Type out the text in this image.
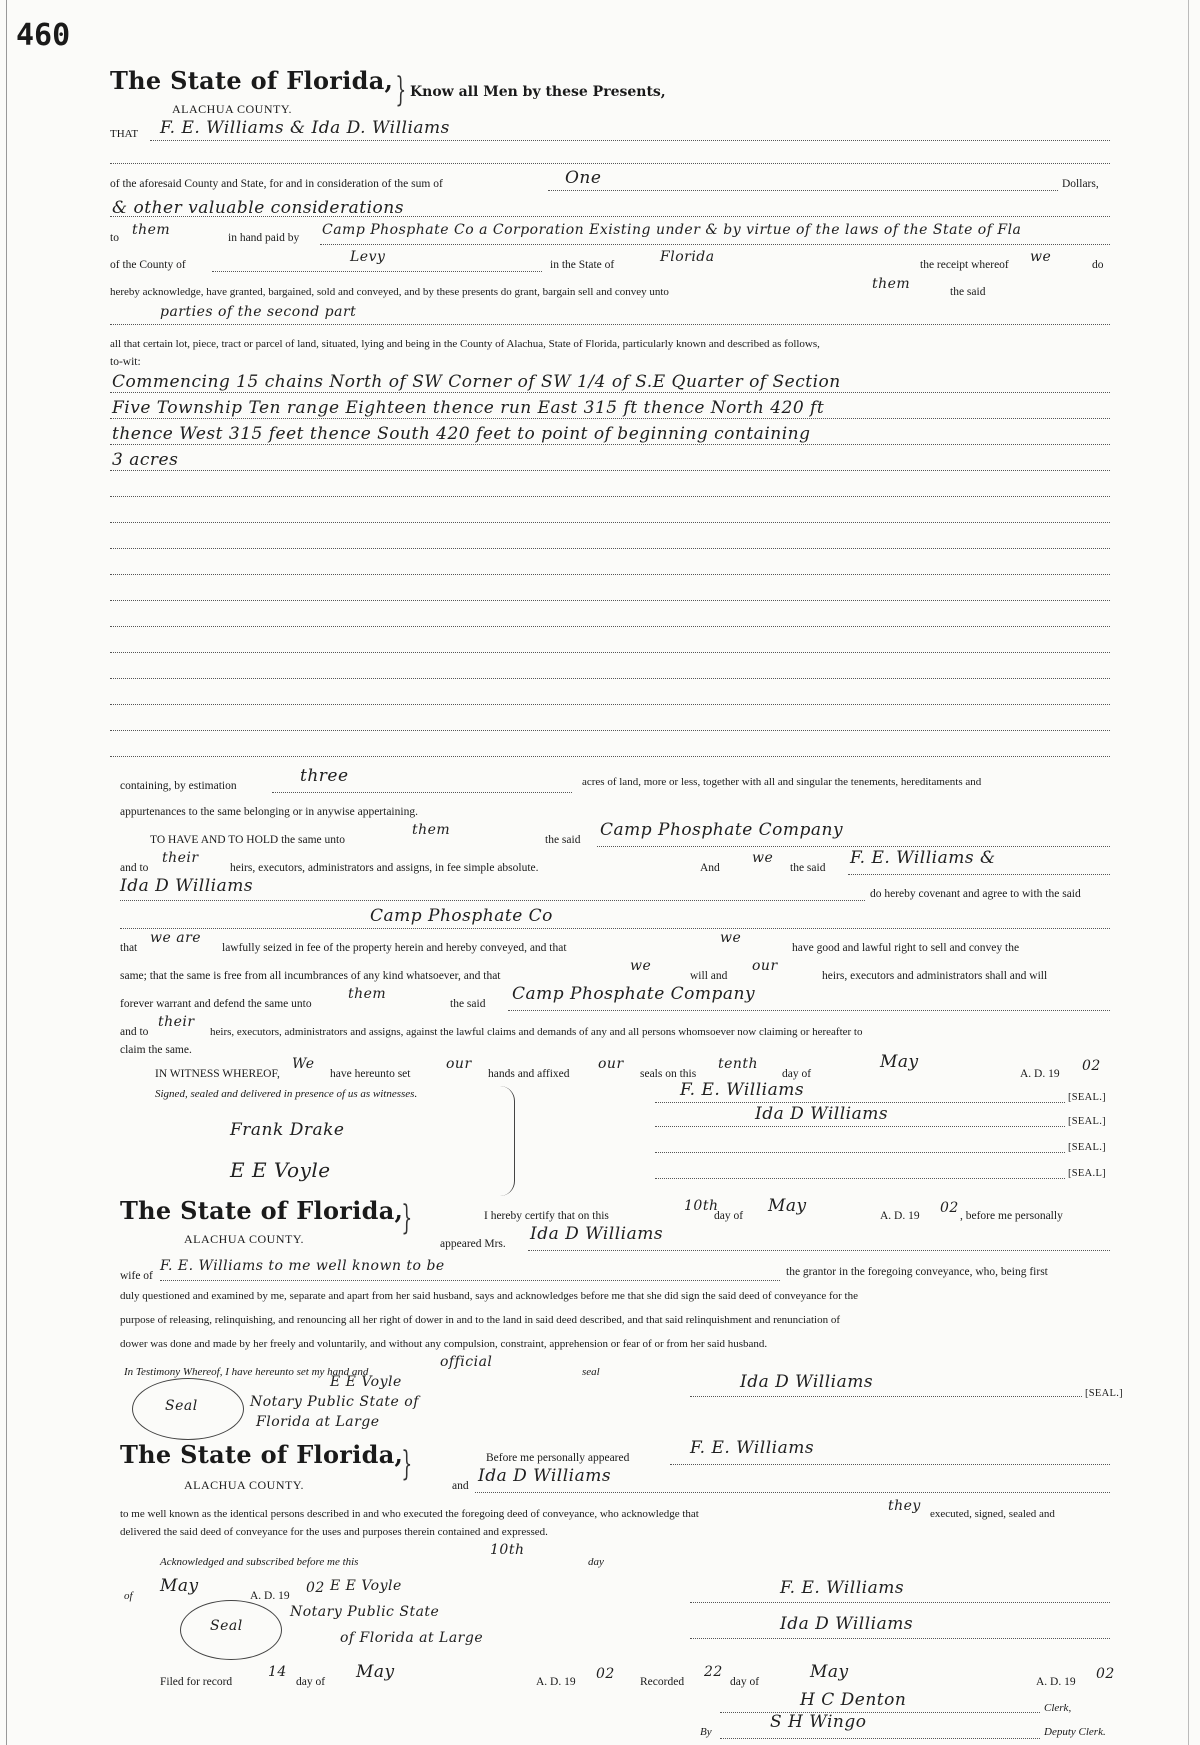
460
The State of Florida,
ALACHUA COUNTY.	} Know all Men by these Presents,
THAT F. E. Williams & Ida D. Williams
of the aforesaid County and State, for and in consideration of the sum of	One	Dollars,
& other valuable considerations
to them	in hand paid by Camp Phosphate Co a Corporation Existing under & by virtue of the laws of the State of Fla
of the County of	Levy	in the State of	Florida	the receipt whereof we	do
hereby acknowledge, have granted, bargained, sold and conveyed, and by these presents do grant, bargain sell and convey unto	them	the said
parties of the second part
all that certain lot, piece, tract or parcel of land, situated, lying and being in the County of Alachua, State of Florida, particularly known and described as follows,
to-wit:
Commencing 15 chains North of SW Corner of SW 1/4 of S.E Quarter of Section
Five Township Ten range Eighteen thence run East 315 ft thence North 420 ft
thence West 315 feet thence South 420 feet to point of beginning containing
3 acres
containing, by estimation	three	acres of land, more or less, together with all and singular the tenements, hereditaments and
appurtenances to the same belonging or in anywise appertaining.
TO HAVE AND TO HOLD the same unto
them
the said Camp Phosphate Company
and to
their
heirs, executors, administrators and assigns, in fee simple absolute.	And
we
the said F. E. Williams &
Ida D Williams	do hereby covenant and agree to with the said
Camp Phosphate Co
that
we are
lawfully seized in fee of the property herein and hereby conveyed, and that
we
have good and lawful right to sell and convey the
same; that the same is free from all incumbrances of any kind whatsoever, and that
we
will and
our
heirs, executors and administrators shall and will
forever warrant and defend the same unto
them
the said Camp Phosphate Company
and to
their
heirs, executors, administrators and assigns, against the lawful claims and demands of any and all persons whomsoever now claiming or hereafter to
claim the same.
IN WITNESS WHEREOF,
We
have hereunto set
our
hands and affixed
our
seals on this
tenth
day of
May
A. D. 19 02
Signed, sealed and delivered in presence of us as witnesses.	F. E. Williams	[SEAL.]
Ida D Williams	[SEAL.]
Frank Drake
[SEAL.]
E E Voyle	[SEA.L]
The State of Florida,
ALACHUA COUNTY.
}	I hereby certify that on this
10th
day of May	A. D. 19 02 , before me personally
appeared Mrs. Ida D Williams
wife of
F. E. Williams to me well known to be	the grantor in the foregoing conveyance, who, being first
duly questioned and examined by me, separate and apart from her said husband, says and acknowledges before me that she did sign the said deed of conveyance for the
purpose of releasing, relinquishing, and renouncing all her right of dower in and to the land in said deed described, and that said relinquishment and renunciation of
dower was done and made by her freely and voluntarily, and without any compulsion, constraint, apprehension or fear of or from her said husband.
In Testimony Whereof, I have hereunto set my hand and
official
seal
Seal
E E Voyle
Notary Public State of
Florida at Large
Ida D Williams
[SEAL.]
The State of Florida,
ALACHUA COUNTY.
}	Before me personally appeared	F. E. Williams
and Ida D Williams
to me well known as the identical persons described in and who executed the foregoing deed of conveyance, who acknowledge that	they executed, signed, sealed and
delivered the said deed of conveyance for the uses and purposes therein contained and expressed.
Acknowledged and subscribed before me this
10th
day
of May	A. D. 19 02 E E Voyle
Seal
Notary Public State
of Florida at Large
F. E. Williams
Ida D Williams
Filed for record
14
day of May	A. D. 19 02 Recorded
22
day of	May	A. D. 19 02
H C Denton	Clerk,
By	S H Wingo	Deputy Clerk.
